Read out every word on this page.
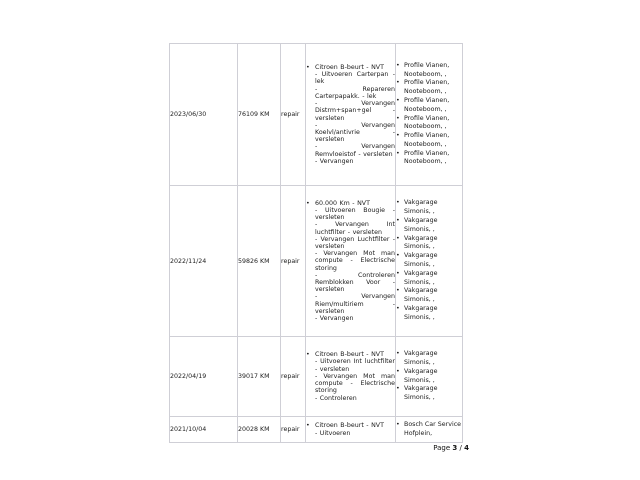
2023/06/30	76109 KM	repair	
• Citroen B-beurt - NVT
- Uitvoeren Carterpan - lek
- Repareren Carterpapakk. - lek
- Vervangen Distrm+span+gel - versleten
- Vervangen Koelvl/antivrie - versleten
- Vervangen Remvloeistof - versleten
- Vervangen

• Profile Vianen, Nooteboom, ,
• Profile Vianen, Nooteboom, ,
• Profile Vianen, Nooteboom, ,
• Profile Vianen, Nooteboom, ,
• Profile Vianen, Nooteboom, ,
• Profile Vianen, Nooteboom, ,

2022/11/24	59826 KM	repair	
• 60.000 Km - NVT
- Uitvoeren Bougie - versleten
- Vervangen Int luchtfilter - versleten
- Vervangen Luchtfilter - versleten
- Vervangen Mot man compute - Electrische storing
- Controleren Remblokken Voor - versleten
- Vervangen Riem/multiriem - versleten
- Vervangen

• Vakgarage Simonis, ,
• Vakgarage Simonis, ,
• Vakgarage Simonis, ,
• Vakgarage Simonis, ,
• Vakgarage Simonis, ,
• Vakgarage Simonis, ,
• Vakgarage Simonis, ,

2022/04/19	39017 KM	repair	
• Citroen B-beurt - NVT
- Uitvoeren Int luchtfilter - versleten
- Vervangen Mot man compute - Electrische storing
- Controleren

• Vakgarage Simonis, ,
• Vakgarage Simonis, ,
• Vakgarage Simonis, ,

2021/10/04	20028 KM	repair	
• Citroen B-beurt - NVT
- Uitvoeren

• Bosch Car Service Hofplein,
Page 3 / 4
